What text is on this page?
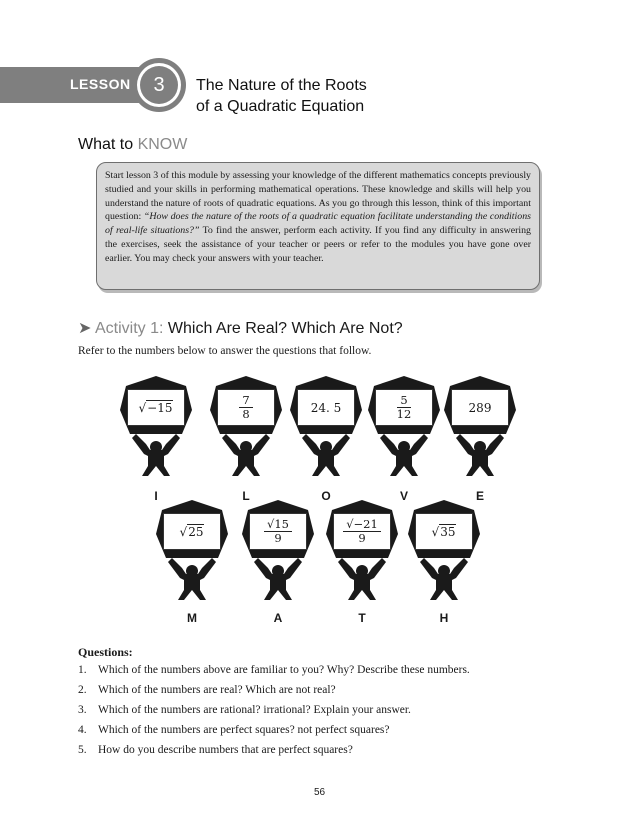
LESSON	3	The Nature of the Roots
of a Quadratic Equation
What to KNOW
Start lesson 3 of this module by assessing your knowledge of the different mathematics concepts previously studied and your skills in performing mathematical operations. These knowledge and skills will help you understand the nature of roots of quadratic equations. As you go through this lesson, think of this important question: “How does the nature of the roots of a quadratic equation facilitate understanding the conditions of real-life situations?” To find the answer, perform each activity. If you find any difficulty in answering the exercises, seek the assistance of your teacher or peers or refer to the modules you have gone over earlier. You may check your answers with your teacher.
➤ Activity 1: Which Are Real? Which Are Not?
Refer to the numbers below to answer the questions that follow.
√−15
I
$\frac{7}{8}$
L
24. 5
O
$\frac{5}{12}$
V
289
E
√25
M
$\frac{√15}{9}$
A
$\frac{√-21}{9}$
T
√35
H
Questions:
1. Which of the numbers above are familiar to you? Why? Describe these numbers.
2. Which of the numbers are real? Which are not real?
3. Which of the numbers are rational? irrational? Explain your answer.
4. Which of the numbers are perfect squares? not perfect squares?
5. How do you describe numbers that are perfect squares?
56
